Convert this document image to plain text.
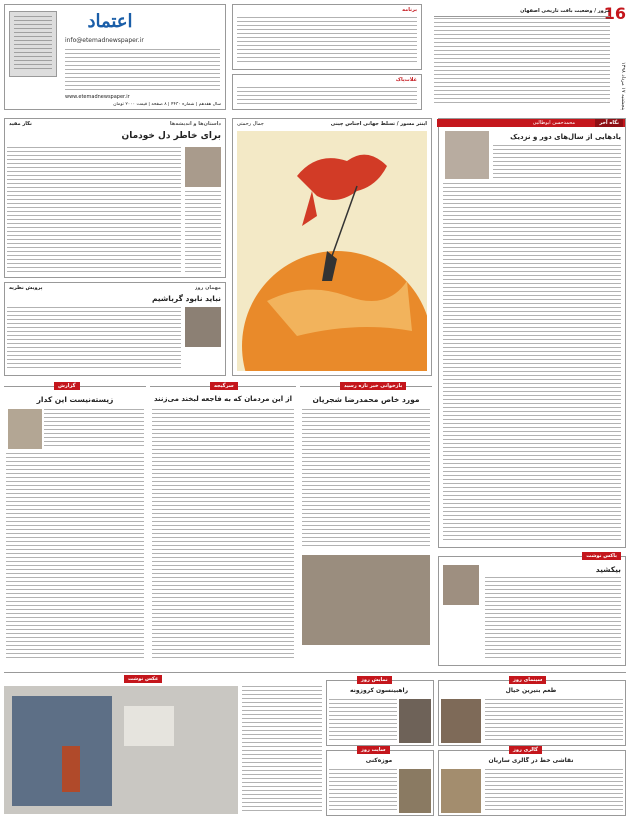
اعتماد
info@etemadnewspaper.ir
www.etemadnewspaper.ir
سال هفدهم | شماره ۴۴۳۰ | ۸ صفحه | قیمت ۲۰۰۰ تومان
برنامه
غلات‌پاک
16
پنجشنبه ۱۷ مرداد ۱۳۹۸
مرور / وضعیت بافت تاریخی اصفهان
نگاه آخر
محمدحسن ابوطالبی
یادهایی از سال‌های دور و نزدیک
اینتر مسور / تسلط جهانی اجناس چینی
جمال رحمتی
داستان‌ها و اندیشه‌ها
نگار مفید
برای خاطر دل خودمان
مهمان روز
پرویش نظریه
نباید نابود گرباشیم
بازخوانی خبر تازه رسید
مورد خاص محمدرضا شجریان
سرگیجه
از این مردمان که به فاجعه لبخند می‌زنند
گزارش
زیسته‌نیست این کدار
باکس نوشت
بیکشید
عکس نوشت	نمایش روز
راهبینسون کروزونه
سایت روز
موزه‌کنی
سینمای روز
طعم بنیرین خیال
گالری روز
نقاشی خط در گالری ساریان
